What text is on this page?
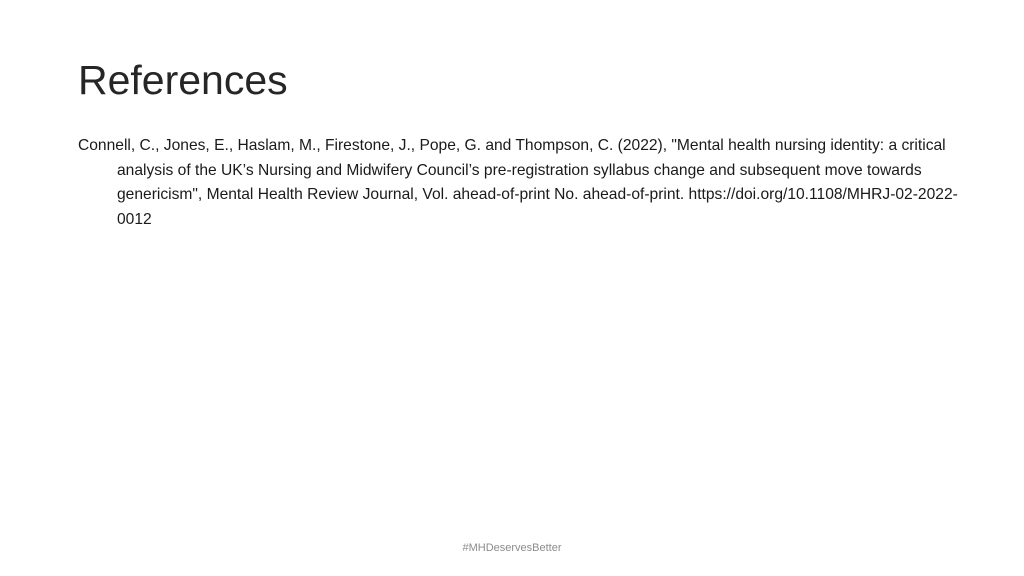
References
Connell, C., Jones, E., Haslam, M., Firestone, J., Pope, G. and Thompson, C. (2022), "Mental health nursing identity: a critical analysis of the UK’s Nursing and Midwifery Council’s pre-registration syllabus change and subsequent move towards genericism", Mental Health Review Journal, Vol. ahead-of-print No. ahead-of-print. https://doi.org/10.1108/MHRJ-02-2022-0012
#MHDeservesBetter
